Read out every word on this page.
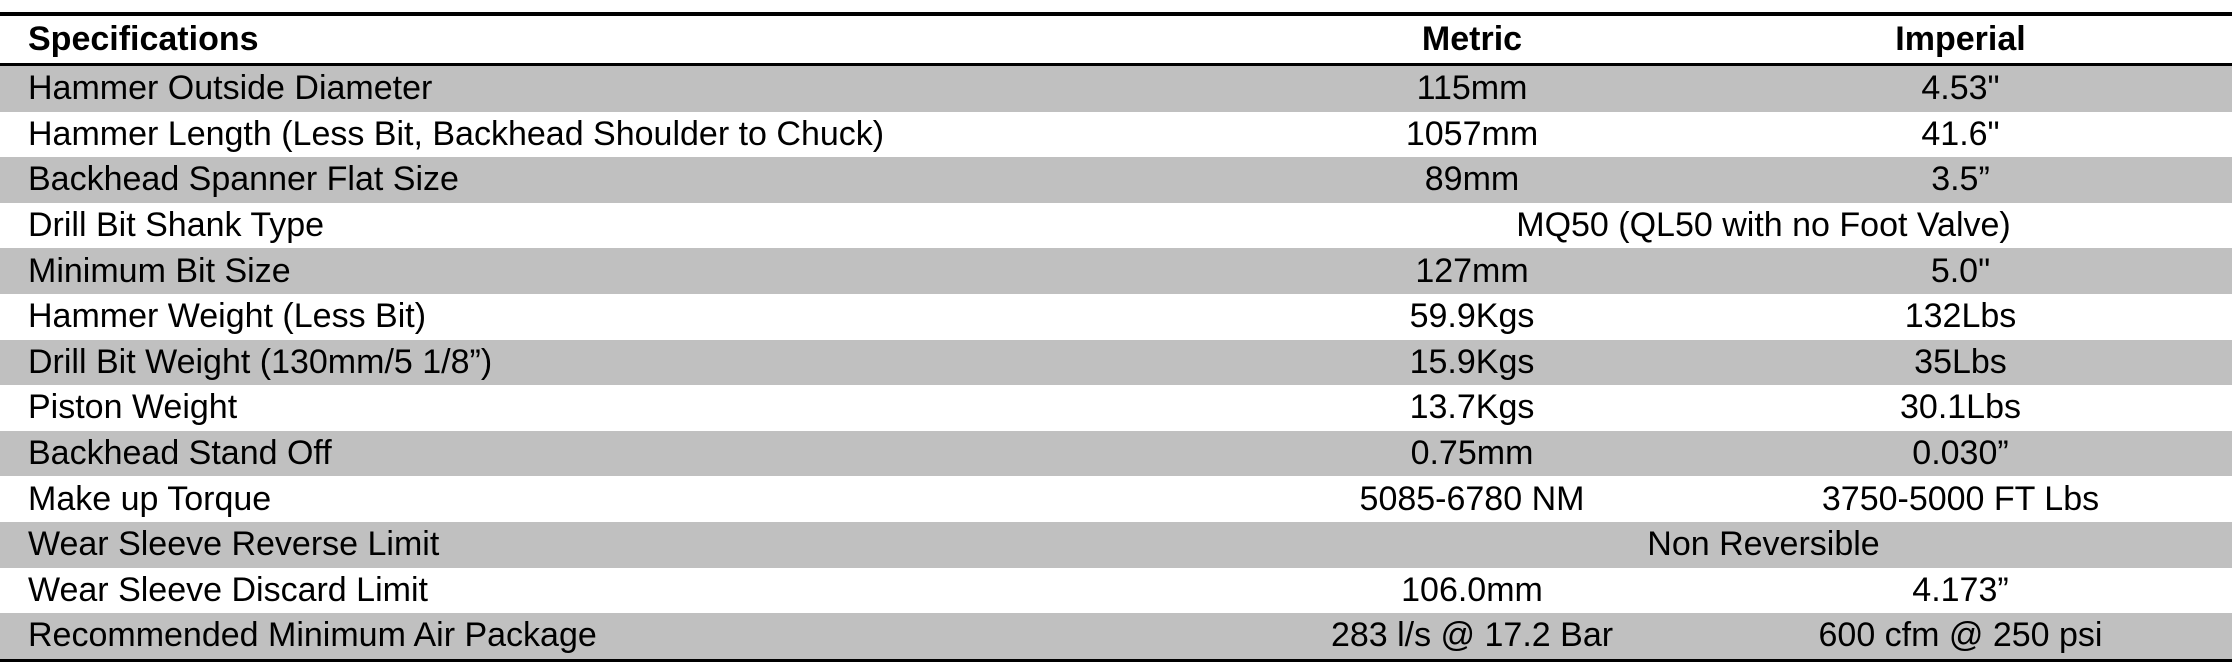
Specifications	Metric	Imperial
Hammer Outside Diameter	115mm	4.53"
Hammer Length (Less Bit, Backhead Shoulder to Chuck)	1057mm	41.6"
Backhead Spanner Flat Size	89mm	3.5”
Drill Bit Shank Type	MQ50 (QL50 with no Foot Valve)	
Minimum Bit Size	127mm	5.0"
Hammer Weight (Less Bit)	59.9Kgs	132Lbs
Drill Bit Weight (130mm/5 1/8”)	15.9Kgs	35Lbs
Piston Weight	13.7Kgs	30.1Lbs
Backhead Stand Off	0.75mm	0.030”
Make up Torque	5085-6780 NM	3750-5000 FT Lbs
Wear Sleeve Reverse Limit	Non Reversible	
Wear Sleeve Discard Limit	106.0mm	4.173”
Recommended Minimum Air Package	283 l/s @ 17.2 Bar	600 cfm @ 250 psi
